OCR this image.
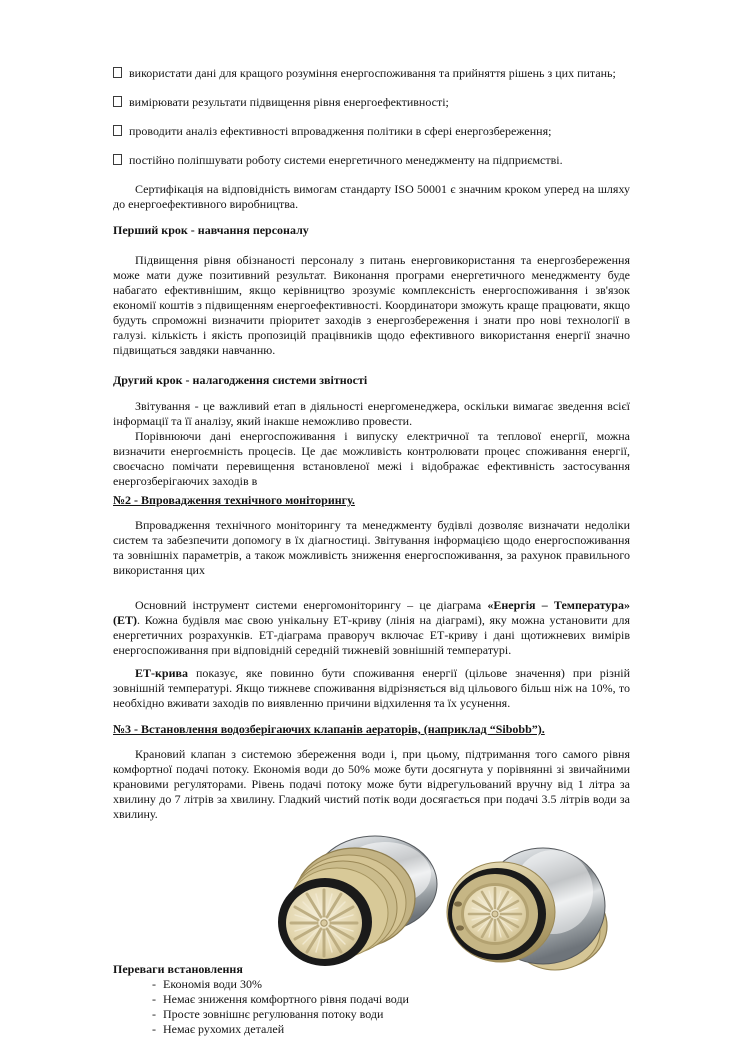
використати дані для кращого розуміння енергоспоживання та прийняття рішень з цих питань;
вимірювати результати підвищення рівня енергоефективності;
проводити аналіз ефективності впровадження політики в сфері енергозбереження;
постійно поліпшувати роботу системи енергетичного менеджменту на підприємстві.

Сертифікація на відповідність вимогам стандарту ISO 50001 є значним кроком уперед на шляху до енергоефективного виробництва.

Перший крок - навчання персоналу

Підвищення рівня обізнаності персоналу з питань енерговикористання та енергозбереження може мати дуже позитивний результат. Виконання програми енергетичного менеджменту буде набагато ефективнішим, якщо керівництво зрозуміє комплексність енергоспоживання і зв'язок економії коштів з підвищенням енергоефективності. Координатори зможуть краще працювати, якщо будуть спроможні визначити пріоритет заходів з енергозбереження і знати про нові технології в галузі. кількість і якість пропозицій працівників щодо ефективного використання енергії значно підвищаться завдяки навчанню.

Другий крок - налагодження системи звітності

Звітування - це важливий етап в діяльності енергоменеджера, оскільки вимагає зведення всієї інформації та її аналізу, який інакше неможливо провести.

Порівнюючи дані енергоспоживання і випуску електричної та теплової енергії, можна визначити енергоємність процесів. Це дає можливість контролювати процес споживання енергії, своєчасно помічати перевищення встановленої межі і відображає ефективність застосування енергозберігаючих заходів в

№2 - Впровадження технічного моніторингу.

Впровадження технічного моніторингу та менеджменту будівлі дозволяє визначати недоліки систем та забезпечити допомогу в їх діагностиці. Звітування інформацією щодо енергоспоживання та зовнішніх параметрів, а також можливість зниження енергоспоживання, за рахунок правильного використання цих

Основний інструмент системи енергомоніторингу – це діаграма «Енергія – Температура» (ЕТ). Кожна будівля має свою унікальну ЕТ-криву (лінія на діаграмі), яку можна установити для енергетичних розрахунків. ЕТ-діаграма праворуч включає ЕТ-криву і дані щотижневих вимірів енергоспоживання при відповідній середній тижневій зовнішній температурі.

ЕТ-крива показує, яке повинно бути споживання енергії (цільове значення) при різній зовнішній температурі. Якщо тижневе споживання відрізняється від цільового більш ніж на 10%, то необхідно вживати заходів по виявленню причини відхилення та їх усунення.

№3 - Встановлення водозберігаючих клапанів аераторів, (наприклад “Sibobb”).

Крановий клапан з системою збереження води і, при цьому, підтримання того самого рівня комфортної подачі потоку. Економія води до 50% може бути досягнута у порівнянні зі звичайними крановими регуляторами. Рівень подачі потоку може бути відрегульований вручну від 1 літра за хвилину до 7 літрів за хвилину. Гладкий чистий потік води досягається при подачі 3.5 літрів води за хвилину.

Переваги встановлення
- Економія води 30%
- Немає зниження комфортного рівня подачі води
- Просте зовнішнє регулювання потоку води
- Немає рухомих деталей
